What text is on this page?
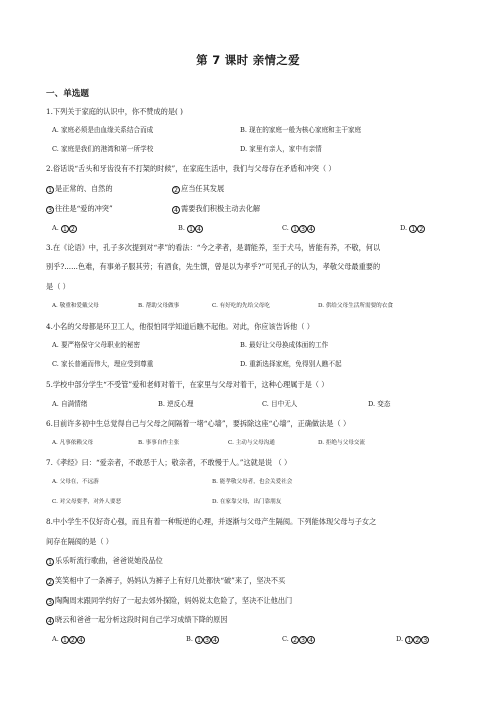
第 7 课时 亲情之爱
一、单选题
1.下列关于家庭的认识中，你不赞成的是( )
A. 家庭必须是由血缘关系结合而成	B. 现在的家庭一般为核心家庭和主干家庭
C. 家庭是我们的港湾和第一所学校	D. 家里有亲人，家中有亲情
2.俗话说“舌头和牙齿没有不打架的时候”，在家庭生活中，我们与父母存在矛盾和冲突（ ）
1 是正常的、自然的	2 应当任其发展
3 往往是“爱的冲突”	4 需要我们积极主动去化解
A. 1 2	B. 1 4	C. 1 3 4	D. 1 2
3.在《论语》中，孔子多次提到对“孝”的看法：“今之孝者，是谓能养，至于犬马，皆能有养，不敬，何以
别乎?......色难，有事弟子服其劳；有酒食，先生馔，曾是以为孝乎?”可见孔子的认为，孝敬父母最重要的
是（ ）
A. 敬重和爱戴父母	B. 帮助父母做事	C. 有好吃的先给父母吃	D. 供给父母生活所需要的衣食
4.小名的父母都是环卫工人，他很怕同学知道后瞧不起他。对此，你应该告诉他（ ）
A. 要严格保守父母职业的秘密	B. 最好让父母换成体面的工作
C. 家长普通而伟大，理应受到尊重	D. 重新选择家庭，免得别人瞧不起
5.学校中部分学生“不受管”爱和老师对着干，在家里与父母对着干，这种心理属于是（ ）
A. 自满情绪	B. 逆反心理	C. 目中无人	D. 变态
6.目前许多初中生总觉得自己与父母之间隔着一堵“心墙”，要拆除这座“心墙”，正确做法是（ ）
A. 凡事依赖父母	B. 事事自作主张	C. 主动与父母沟通	D. 拒绝与父母交流
7.《孝经》曰：“爱亲者，不敢恶于人；敬亲者，不敢慢于人。”这就是说 （ ）
A. 父母在，不远游	B. 能孝敬父母者，也会关爱社会
C. 对父母要孝，对外人要恶	D. 在家靠父母，出门靠朋友
8.中小学生不仅好奇心强，而且有着一种叛逆的心理，并逐渐与父母产生隔阂。下列能体现父母与子女之
间存在隔阂的是（ ）
1 乐乐听流行歌曲，爸爸说她没品位
2 笑笑相中了一条裤子，妈妈认为裤子上有好几处都快“破”来了，坚决不买
3 陶陶周末跟同学约好了一起去郊外探险，妈妈说太危险了，坚决不让他出门
4 晓云和爸爸一起分析这段时间自己学习成绩下降的原因
A. 1 2 4	B. 1 3 4	C. 2 3 4	D. 1 2 3
